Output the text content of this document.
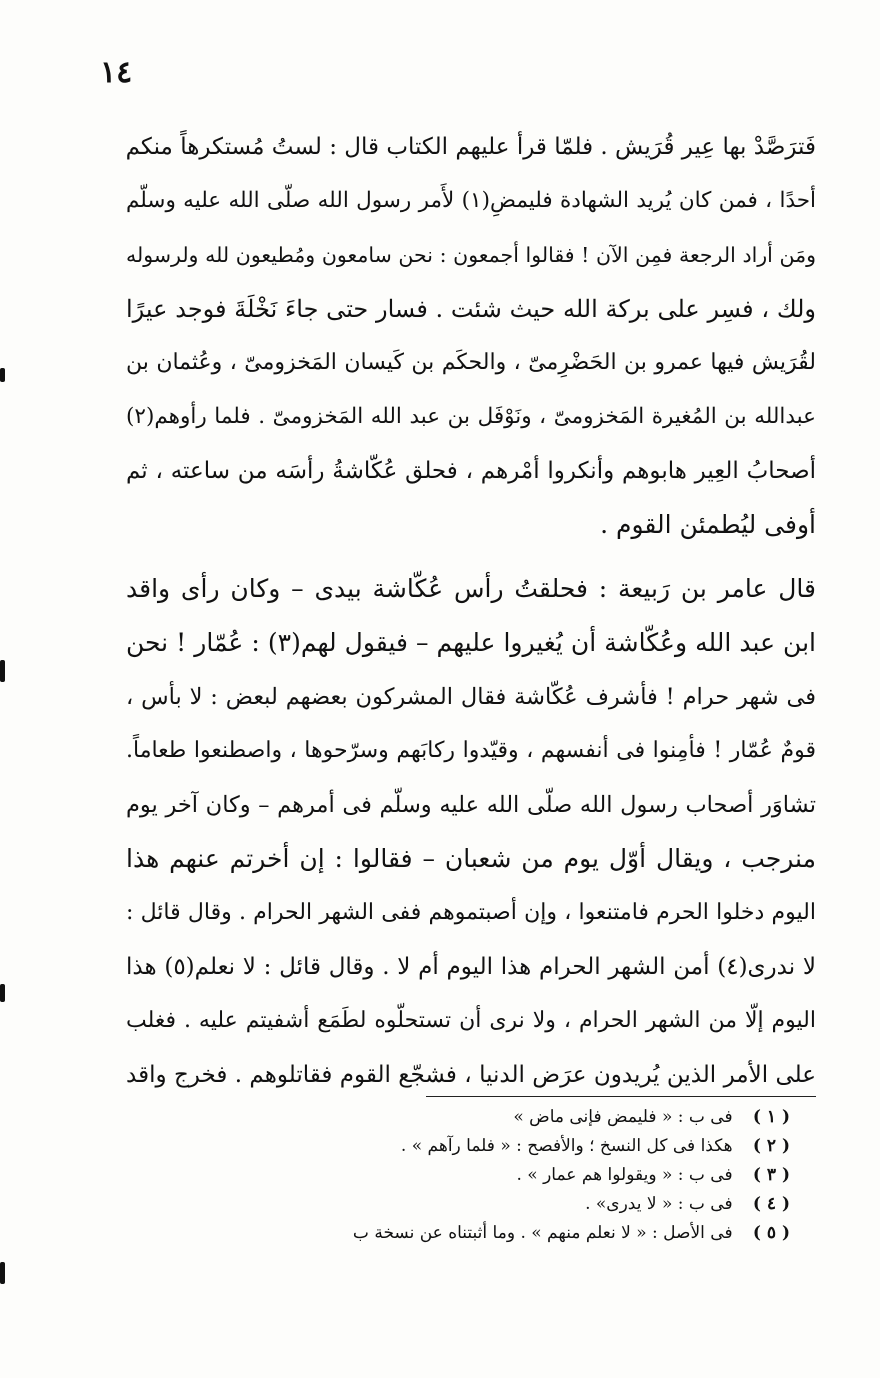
١٤
فَترَصَّدْ بها عِير قُرَيش . فلمّا قرأ عليهم الكتاب قال : لستُ مُستكرهاً منكم
أحدًا ، فمن كان يُريد الشهادة فليمضِ(١) لأَمر رسول الله صلّى الله عليه وسلّم
ومَن أراد الرجعة فمِن الآن ! فقالوا أجمعون : نحن سامعون ومُطيعون لله ولرسوله
ولك ، فسِر على بركة الله حيث شئت . فسار حتى جاءَ نَخْلَةَ فوجد عيرًا
لقُرَيش فيها عمرو بن الحَضْرِمىّ ، والحكَم بن كَيسان المَخزومىّ ، وعُثمان بن
عبدالله بن المُغيرة المَخزومىّ ، ونَوْفَل بن عبد الله المَخزومىّ . فلما رأوهم(٢)
أصحابُ العِير هابوهم وأنكروا أمْرهم ، فحلق عُكّاشةُ رأسَه من ساعته ، ثم
أوفى ليُطمئن القوم .
قال عامر بن رَبيعة : فحلقتُ رأس عُكّاشة بيدى – وكان رأى واقد
ابن عبد الله وعُكّاشة أن يُغيروا عليهم – فيقول لهم(٣) : عُمّار ! نحن
فى شهر حرام ! فأشرف عُكّاشة فقال المشركون بعضهم لبعض : لا بأس ،
قومٌ عُمّار ! فأمِنوا فى أنفسهم ، وقيّدوا ركابَهم وسرّحوها ، واصطنعوا طعاماً.
تشاوَر أصحاب رسول الله صلّى الله عليه وسلّم فى أمرهم – وكان آخر يوم
منرجب ، ويقال أوّل يوم من شعبان – فقالوا : إن أخرتم عنهم هذا
اليوم دخلوا الحرم فامتنعوا ، وإن أصبتموهم ففى الشهر الحرام . وقال قائل :
لا ندرى(٤) أمن الشهر الحرام هذا اليوم أم لا . وقال قائل : لا نعلم(٥) هذا
اليوم إلّا من الشهر الحرام ، ولا نرى أن تستحلّوه لطَمَع أشفيتم عليه . فغلب
على الأمر الذين يُريدون عرَض الدنيا ، فشجّع القوم فقاتلوهم . فخرج واقد
( ١ ) فى ب : « فليمض فإنى ماض »
( ٢ ) هكذا فى كل النسخ ؛ والأفصح : « فلما رآهم » .
( ٣ ) فى ب : « ويقولوا هم عمار » .
( ٤ ) فى ب : « لا يدرى» .
( ٥ ) فى الأصل : « لا نعلم منهم » . وما أثبتناه عن نسخة ب
